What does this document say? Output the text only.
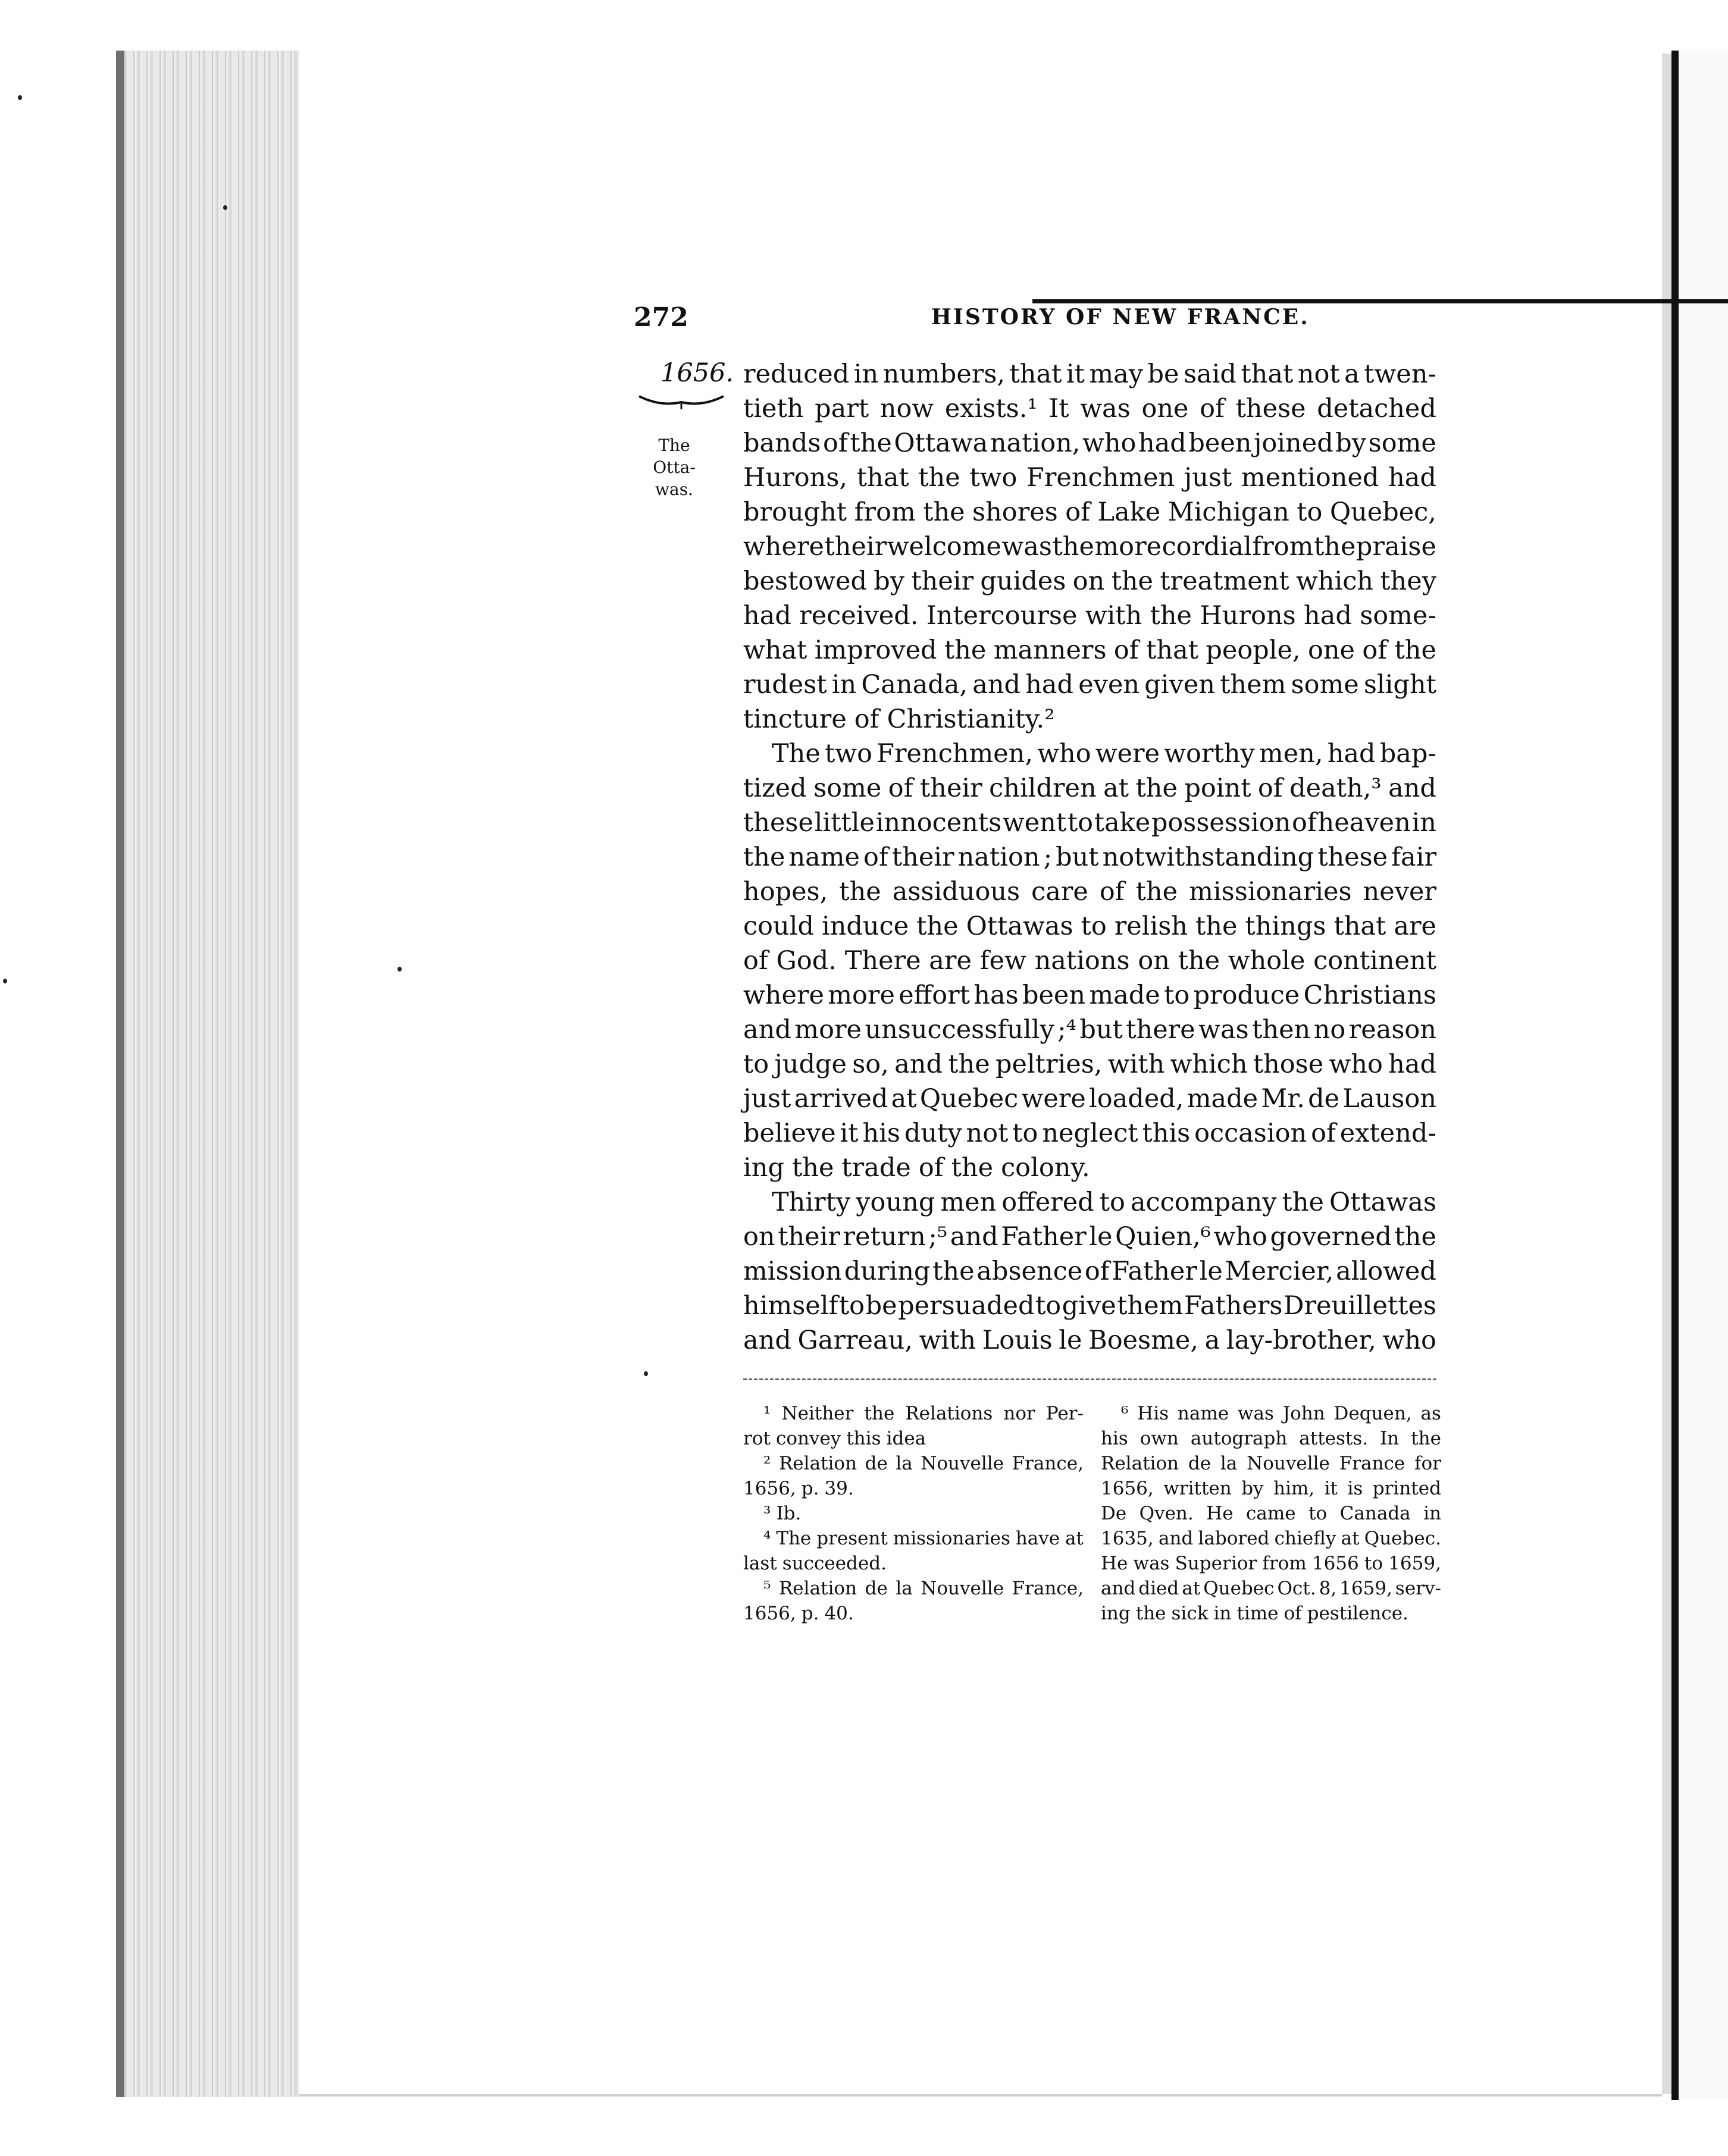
272	HISTORY OF NEW FRANCE.
1656.
The Otta-
was.
reduced in numbers, that it may be said that not a twen-
tieth part now exists.¹ It was one of these detached
bands of the Ottawa nation, who had been joined by some
Hurons, that the two Frenchmen just mentioned had
brought from the shores of Lake Michigan to Quebec,
where their welcome was the more cordial from the praise
bestowed by their guides on the treatment which they
had received. Intercourse with the Hurons had some-
what improved the manners of that people, one of the
rudest in Canada, and had even given them some slight
tincture of Christianity.²
The two Frenchmen, who were worthy men, had bap-
tized some of their children at the point of death,³ and
these little innocents went to take possession of heaven in
the name of their nation ; but notwithstanding these fair
hopes, the assiduous care of the missionaries never
could induce the Ottawas to relish the things that are
of God. There are few nations on the whole continent
where more effort has been made to produce Christians
and more unsuccessfully ;⁴ but there was then no reason
to judge so, and the peltries, with which those who had
just arrived at Quebec were loaded, made Mr. de Lauson
believe it his duty not to neglect this occasion of extend-
ing the trade of the colony.
Thirty young men offered to accompany the Ottawas
on their return ;⁵ and Father le Quien,⁶ who governed the
mission during the absence of Father le Mercier, allowed
himself to be persuaded to give them Fathers Dreuillettes
and Garreau, with Louis le Boesme, a lay-brother, who
¹ Neither the Relations nor Per-
rot convey this idea
² Relation de la Nouvelle France,
1656, p. 39.
³ Ib.
⁴ The present missionaries have at
last succeeded.
⁵ Relation de la Nouvelle France,
1656, p. 40.
⁶ His name was John Dequen, as
his own autograph attests. In the
Relation de la Nouvelle France for
1656, written by him, it is printed
De Qven. He came to Canada in
1635, and labored chiefly at Quebec.
He was Superior from 1656 to 1659,
and died at Quebec Oct. 8, 1659, serv-
ing the sick in time of pestilence.
